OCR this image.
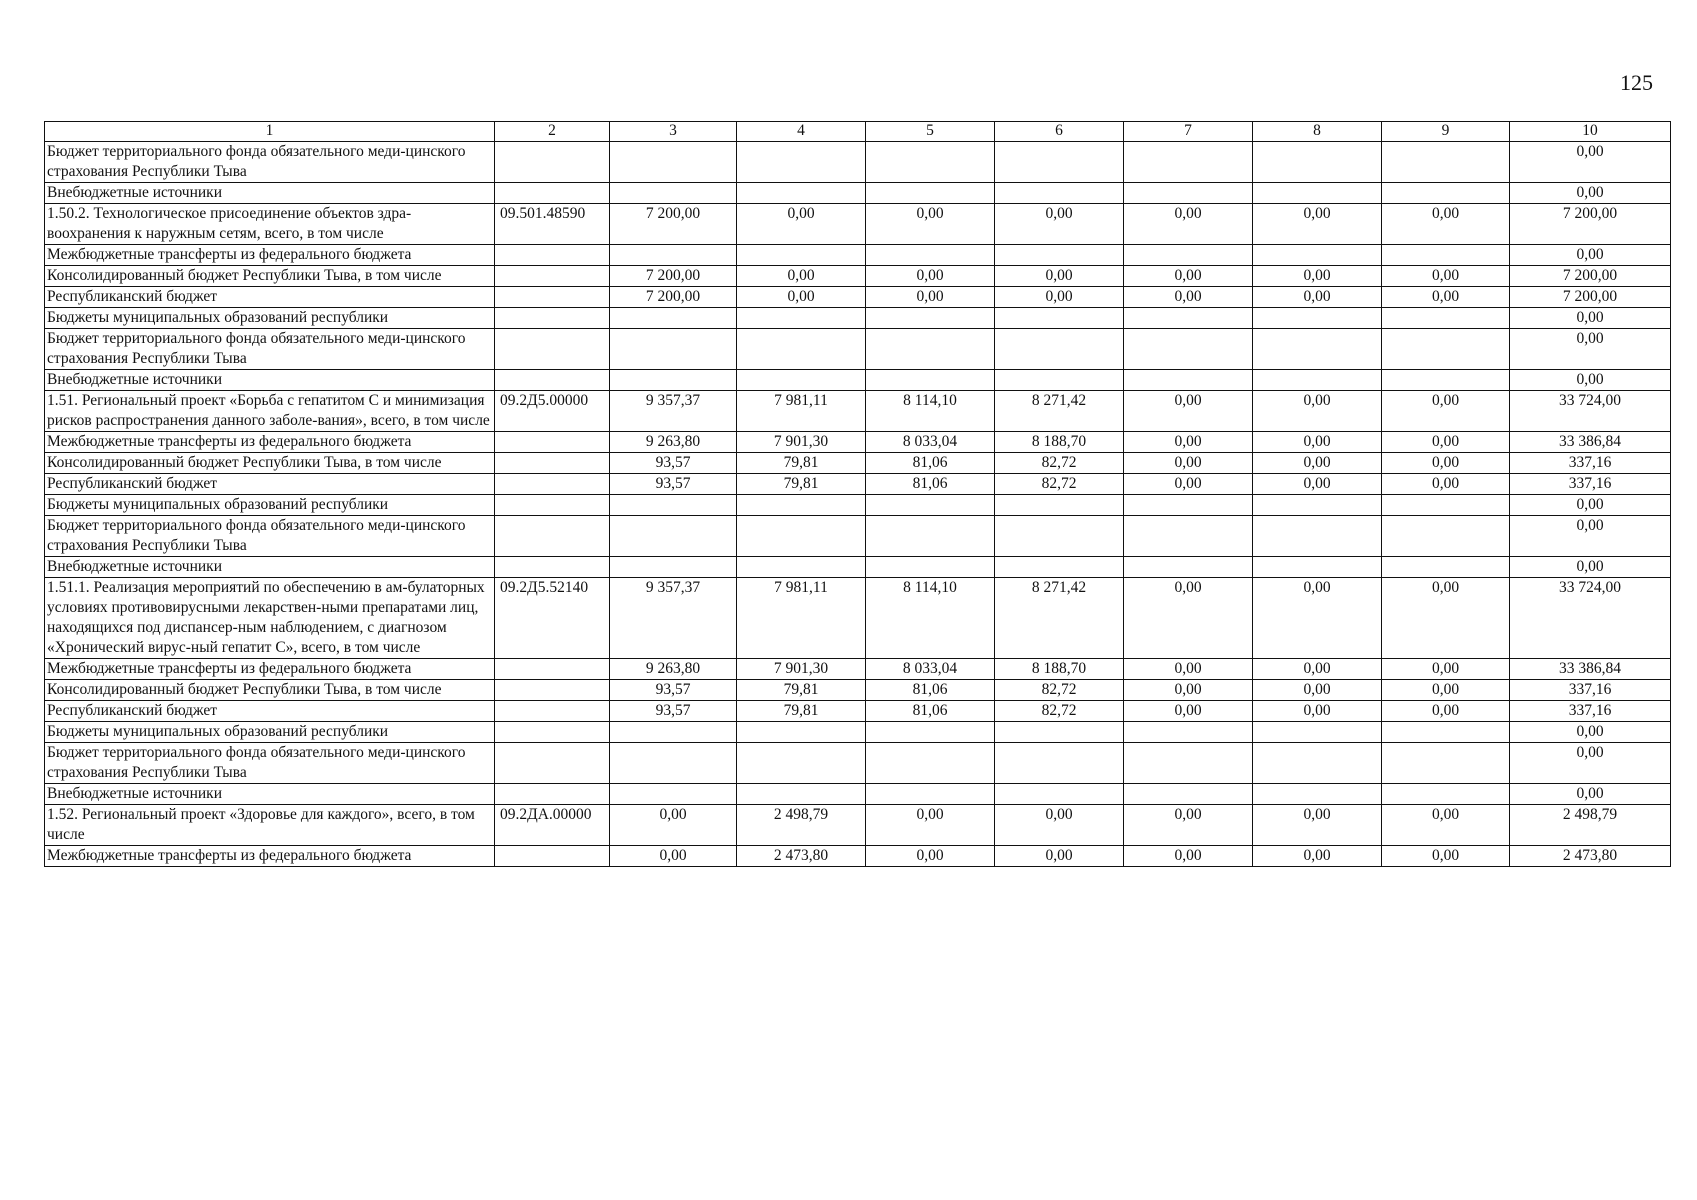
125
1	2	3	4	5	6	7	8	9	10
Бюджет территориального фонда обязательного меди-цинского страхования Республики Тыва									0,00
Внебюджетные источники									0,00
1.50.2. Технологическое присоединение объектов здра-воохранения к наружным сетям, всего, в том числе	09.501.48590	7 200,00	0,00	0,00	0,00	0,00	0,00	0,00	7 200,00
Межбюджетные трансферты из федерального бюджета									0,00
Консолидированный бюджет Республики Тыва, в том числе		7 200,00	0,00	0,00	0,00	0,00	0,00	0,00	7 200,00
Республиканский бюджет		7 200,00	0,00	0,00	0,00	0,00	0,00	0,00	7 200,00
Бюджеты муниципальных образований республики									0,00
Бюджет территориального фонда обязательного меди-цинского страхования Республики Тыва									0,00
Внебюджетные источники									0,00
1.51. Региональный проект «Борьба с гепатитом С и минимизация рисков распространения данного заболе-вания», всего, в том числе	09.2Д5.00000	9 357,37	7 981,11	8 114,10	8 271,42	0,00	0,00	0,00	33 724,00
Межбюджетные трансферты из федерального бюджета		9 263,80	7 901,30	8 033,04	8 188,70	0,00	0,00	0,00	33 386,84
Консолидированный бюджет Республики Тыва, в том числе		93,57	79,81	81,06	82,72	0,00	0,00	0,00	337,16
Республиканский бюджет		93,57	79,81	81,06	82,72	0,00	0,00	0,00	337,16
Бюджеты муниципальных образований республики									0,00
Бюджет территориального фонда обязательного меди-цинского страхования Республики Тыва									0,00
Внебюджетные источники									0,00
1.51.1. Реализация мероприятий по обеспечению в ам-булаторных условиях противовирусными лекарствен-ными препаратами лиц, находящихся под диспансер-ным наблюдением, с диагнозом «Хронический вирус-ный гепатит С», всего, в том числе	09.2Д5.52140	9 357,37	7 981,11	8 114,10	8 271,42	0,00	0,00	0,00	33 724,00
Межбюджетные трансферты из федерального бюджета		9 263,80	7 901,30	8 033,04	8 188,70	0,00	0,00	0,00	33 386,84
Консолидированный бюджет Республики Тыва, в том числе		93,57	79,81	81,06	82,72	0,00	0,00	0,00	337,16
Республиканский бюджет		93,57	79,81	81,06	82,72	0,00	0,00	0,00	337,16
Бюджеты муниципальных образований республики									0,00
Бюджет территориального фонда обязательного меди-цинского страхования Республики Тыва									0,00
Внебюджетные источники									0,00
1.52. Региональный проект «Здоровье для каждого», всего, в том числе	09.2ДА.00000	0,00	2 498,79	0,00	0,00	0,00	0,00	0,00	2 498,79
Межбюджетные трансферты из федерального бюджета		0,00	2 473,80	0,00	0,00	0,00	0,00	0,00	2 473,80
